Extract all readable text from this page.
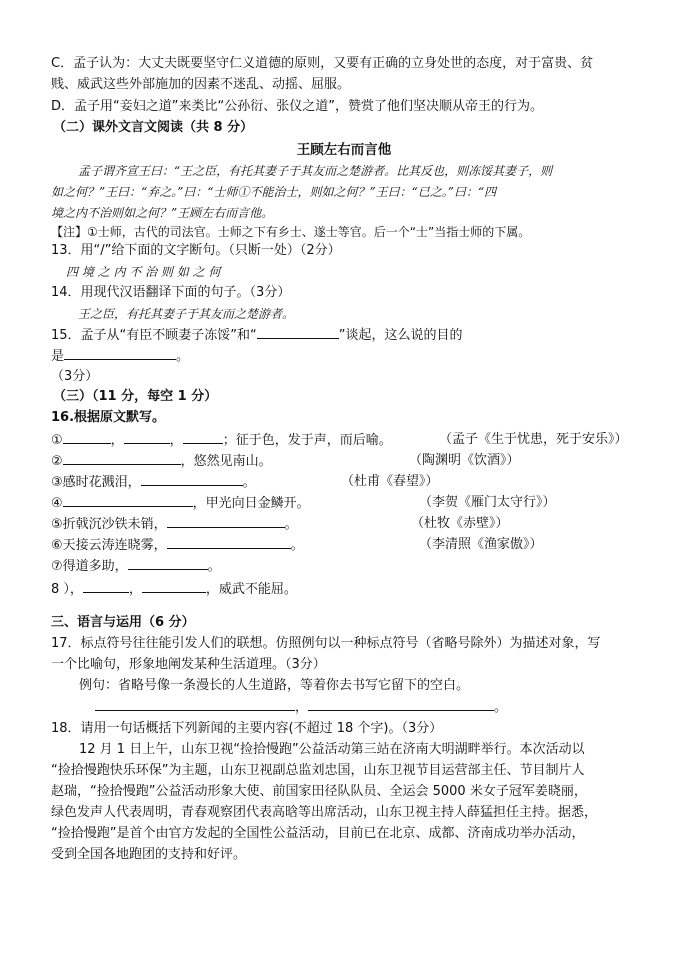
C．孟子认为：大丈夫既要坚守仁义道德的原则，又要有正确的立身处世的态度，对于富贵、贫
贱、威武这些外部施加的因素不迷乱、动摇、屈服。
D．孟子用“妾妇之道”来类比“公孙衍、张仪之道”，赞赏了他们坚决顺从帝王的行为。
（二）课外文言文阅读（共 8 分）
王顾左右而言他
孟子谓齐宣王曰：“王之臣，有托其妻子于其友而之楚游者。比其反也，则冻馁其妻子，则
如之何？”王曰：“弃之。”曰：“士师①不能治士，则如之何？”王曰：“已之。”曰：“四
境之内不治则如之何？”王顾左右而言他。
【注】①士师，古代的司法官。士师之下有乡士、遂士等官。后一个“士”当指士师的下属。
13．用“/”给下面的文字断句。（只断一处）（2分）
四 境 之 内 不 治 则 如 之 何
14．用现代汉语翻译下面的句子。（3分）
王之臣，有托其妻子于其友而之楚游者。
15．孟子从“有臣不顾妻子冻馁”和“	”谈起，这么说的目的
是	。
（3分）
（三）（11 分，每空 1 分）
16.根据原文默写。
①	，	，	；征于色，发于声，而后喻。	（孟子《生于忧患，死于安乐》）
②	，悠然见南山。	（陶渊明《饮酒》）
③感时花溅泪，	。	（杜甫《春望》）
④	，甲光向日金鳞开。	（李贺《雁门太守行》）
⑤折戟沉沙铁未销，	。	（杜牧《赤壁》）
⑥天接云涛连晓雾，	。	（李清照《渔家傲》）
⑦得道多助，	。
8 ），	，	，威武不能屈。
三、语言与运用（6 分）
17．标点符号往往能引发人们的联想。仿照例句以一种标点符号（省略号除外）为描述对象，写
一个比喻句，形象地阐发某种生活道理。（3分）
例句：省略号像一条漫长的人生道路，等着你去书写它留下的空白。
，	。
18．请用一句话概括下列新闻的主要内容(不超过 18 个字)。（3分）
12 月 1 日上午，山东卫视“捡拾慢跑”公益活动第三站在济南大明湖畔举行。本次活动以
“捡拾慢跑快乐环保”为主题，山东卫视副总监刘忠国，山东卫视节目运营部主任、节目制片人
赵瑞，“捡拾慢跑”公益活动形象大使、前国家田径队队员、全运会 5000 米女子冠军姜晓丽，
绿色发声人代表周明，青春观察团代表高晗等出席活动，山东卫视主持人薛猛担任主持。据悉，
“捡拾慢跑”是首个由官方发起的全国性公益活动，目前已在北京、成都、济南成功举办活动，
受到全国各地跑团的支持和好评。
